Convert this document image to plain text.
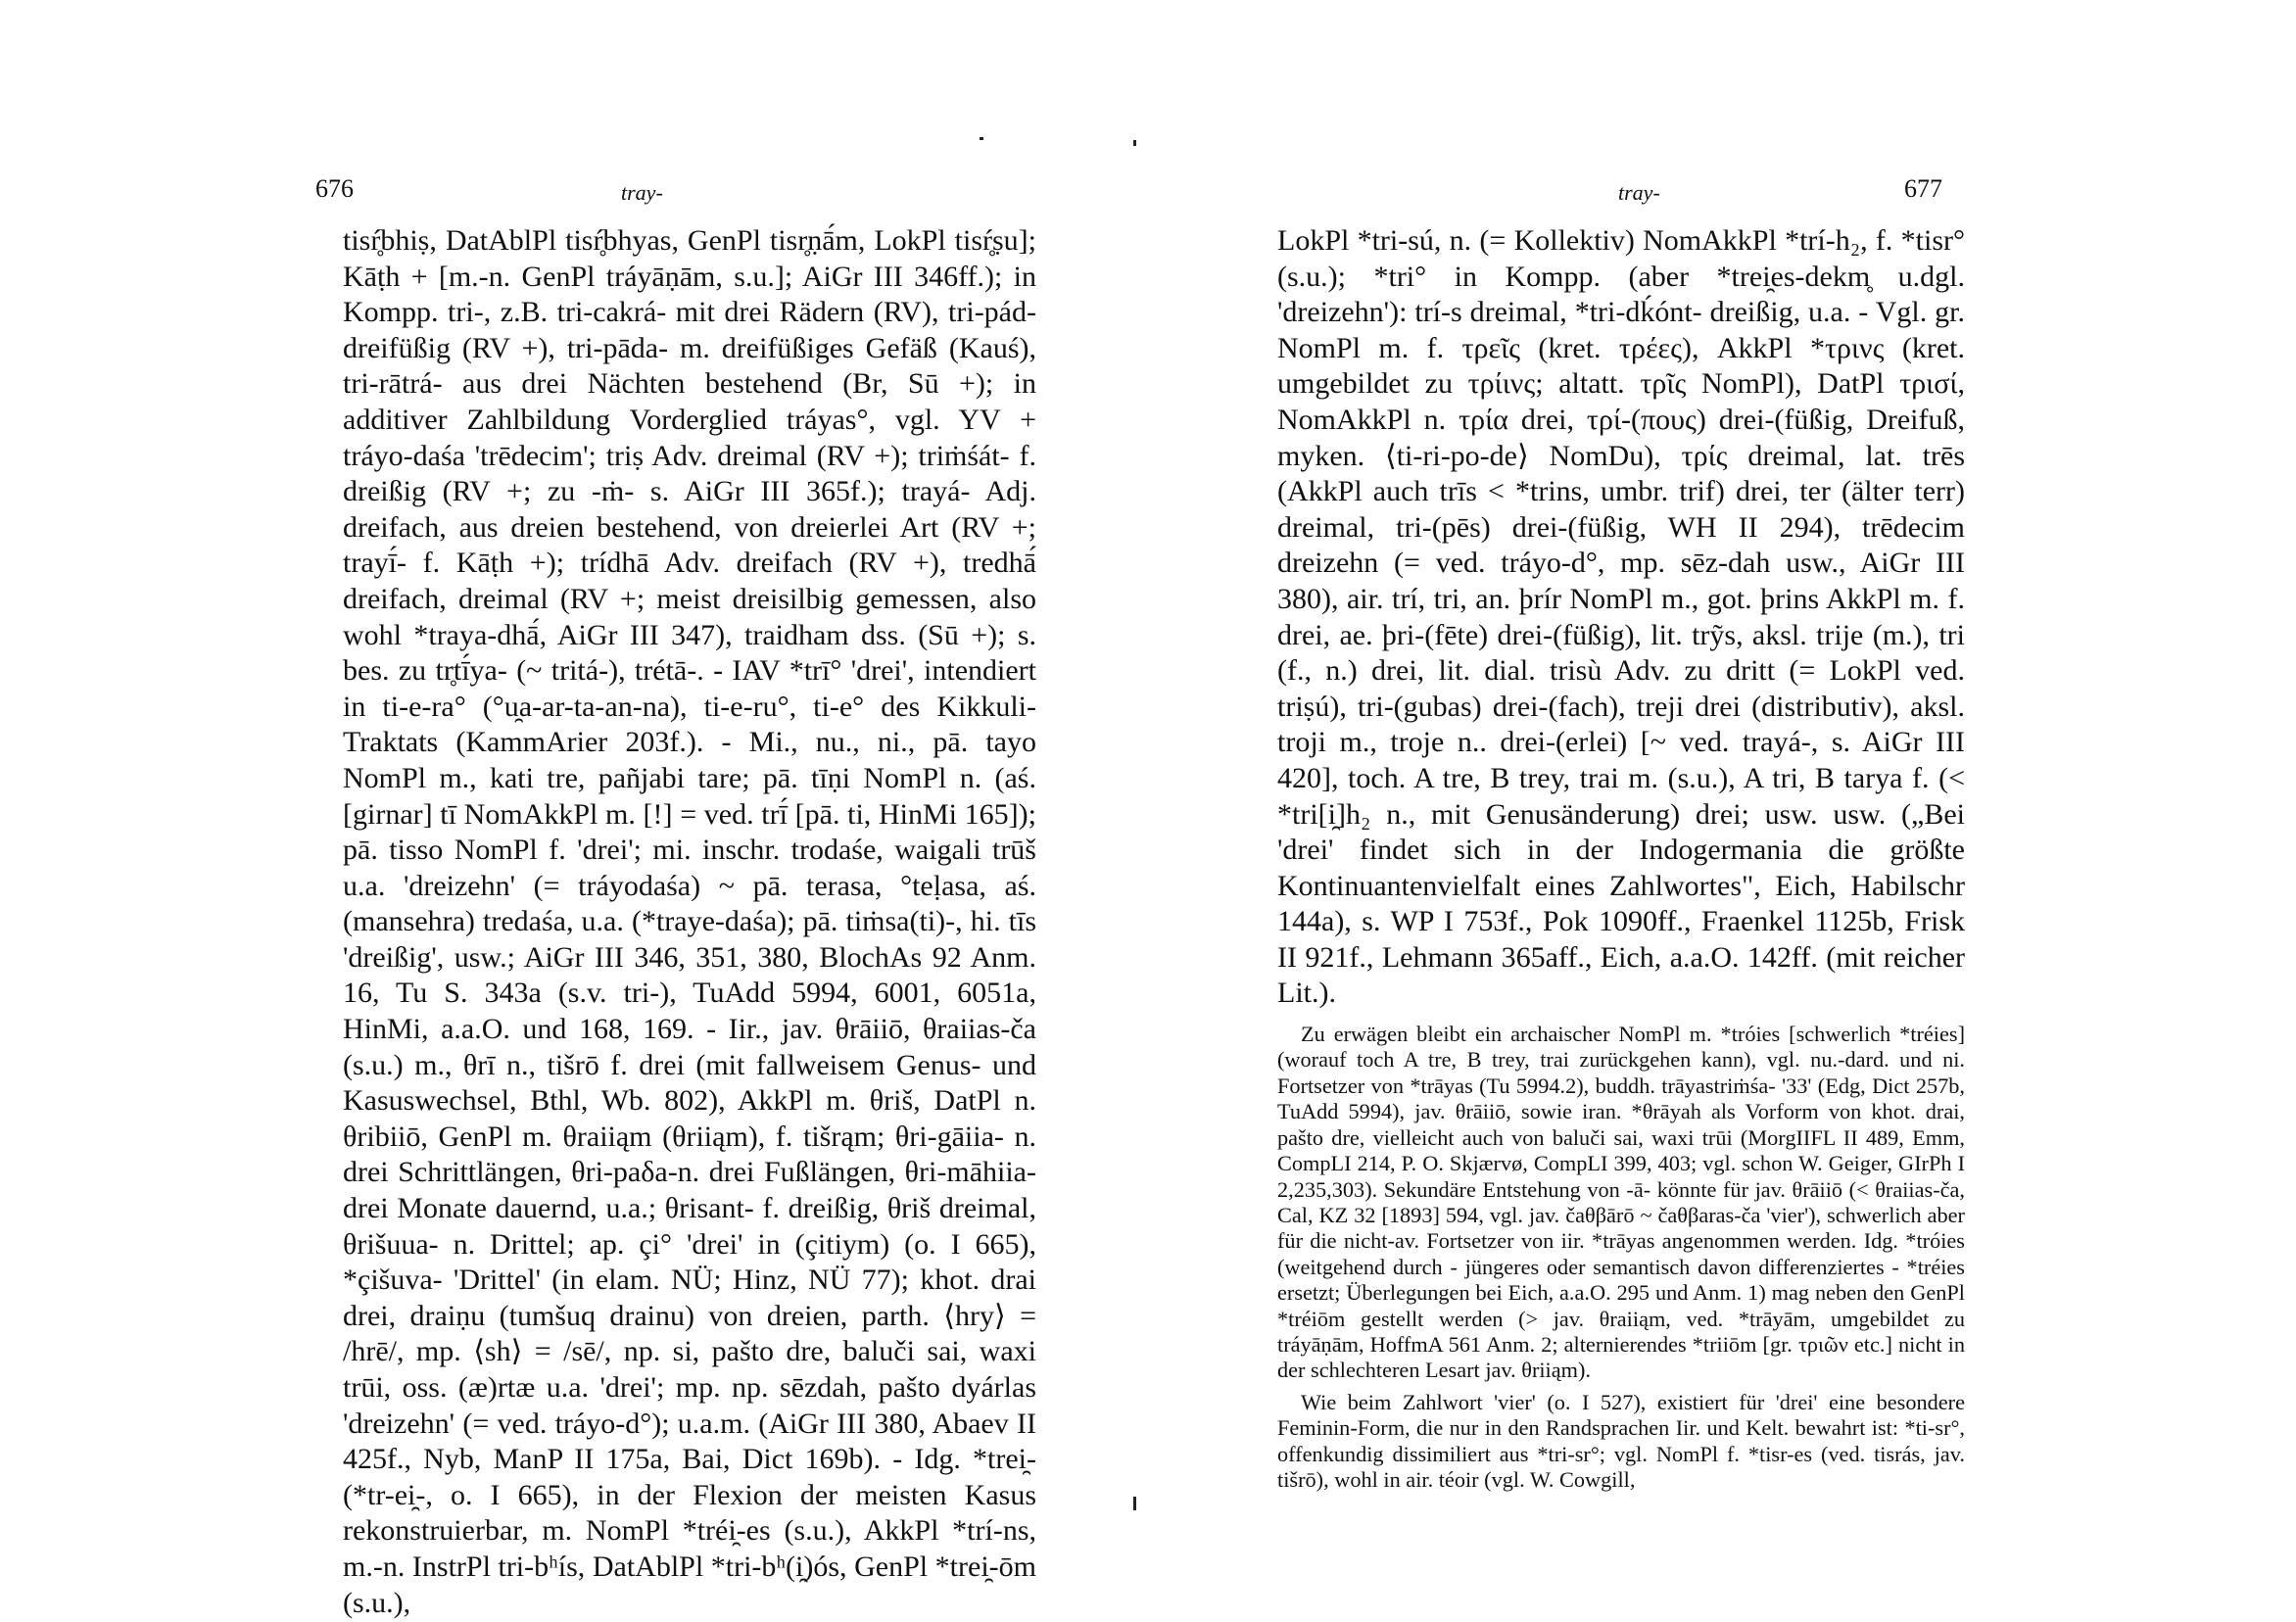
676	tray-

tisŕ̥bhiṣ, DatAblPl tisŕ̥bhyas, GenPl tisr̥ṇā́m, LokPl tisŕ̥ṣu]; Kāṭh + [m.-n. GenPl tráyāṇām, s.u.]; AiGr III 346ff.); in Kompp. tri-, z.B. tri-cakrá- mit drei Rädern (RV), tri-pád- dreifüßig (RV +), tri-pāda- m. dreifüßiges Gefäß (Kauś), tri-rātrá- aus drei Nächten bestehend (Br, Sū +); in additiver Zahlbildung Vorderglied tráyas°, vgl. YV + tráyo-daśa 'trēdecim'; triṣ Adv. dreimal (RV +); triṁśát- f. dreißig (RV +; zu -ṁ- s. AiGr III 365f.); trayá- Adj. dreifach, aus dreien bestehend, von dreierlei Art (RV +; trayī́- f. Kāṭh +); trídhā Adv. dreifach (RV +), tredhā́ dreifach, dreimal (RV +; meist dreisilbig gemessen, also wohl *traya-dhā́, AiGr III 347), traidham dss. (Sū +); s. bes. zu tr̥tī́ya- (~ tritá-), trétā-. - IAV *trī° 'drei', intendiert in ti-e-ra° (°u̯a-ar-ta-an-na), ti-e-ru°, ti-e° des Kikkuli-Traktats (KammArier 203f.). - Mi., nu., ni., pā. tayo NomPl m., kati tre, pañjabi tare; pā. tīṇi NomPl n. (aś. [girnar] tī NomAkkPl m. [!] = ved. trī́ [pā. ti, HinMi 165]); pā. tisso NomPl f. 'drei'; mi. inschr. trodaśe, waigali trūš u.a. 'dreizehn' (= tráyodaśa) ~ pā. terasa, °teḷasa, aś. (mansehra) tredaśa, u.a. (*traye-daśa); pā. tiṁsa(ti)-, hi. tīs 'dreißig', usw.; AiGr III 346, 351, 380, BlochAs 92 Anm. 16, Tu S. 343a (s.v. tri-), TuAdd 5994, 6001, 6051a, HinMi, a.a.O. und 168, 169. - Iir., jav. θrāiiō, θraiias-ča (s.u.) m., θrī n., tišrō f. drei (mit fallweisem Genus- und Kasuswechsel, Bthl, Wb. 802), AkkPl m. θriš, DatPl n. θribiiō, GenPl m. θraiiąm (θriiąm), f. tišrąm; θri-gāiia- n. drei Schrittlängen, θri-paδa-n. drei Fußlängen, θri-māhiia- drei Monate dauernd, u.a.; θrisant- f. dreißig, θriš dreimal, θrišuua- n. Drittel; ap. çi° 'drei' in (çitiym) (o. I 665), *çišuva- 'Drittel' (in elam. NÜ; Hinz, NÜ 77); khot. drai drei, draiṇu (tumšuq drainu) von dreien, parth. ⟨hry⟩ = /hrē/, mp. ⟨sh⟩ = /sē/, np. si, pašto dre, baluči sai, waxi trūi, oss. (æ)rtæ u.a. 'drei'; mp. np. sēzdah, pašto dyárlas 'dreizehn' (= ved. tráyo-d°); u.a.m. (AiGr III 380, Abaev II 425f., Nyb, ManP II 175a, Bai, Dict 169b). - Idg. *trei̯- (*tr-ei̯-, o. I 665), in der Flexion der meisten Kasus rekonstruierbar, m. NomPl *tréi̯-es (s.u.), AkkPl *trí-ns, m.-n. InstrPl tri-bʰís, DatAblPl *tri-bʰ(i̯)ós, GenPl *trei̯-ōm (s.u.),

tray-	677

LokPl *tri-sú, n. (= Kollektiv) NomAkkPl *trí-h₂, f. *tisr° (s.u.); *tri° in Kompp. (aber *trei̯es-dekm̥ u.dgl. 'dreizehn'): trí-s dreimal, *tri-dḱónt- dreißig, u.a. - Vgl. gr. NomPl m. f. τρεῖς (kret. τρέες), AkkPl *τρινς (kret. umgebildet zu τρίινς; altatt. τρῖς NomPl), DatPl τρισί, NomAkkPl n. τρία drei, τρί-(πους) drei-(füßig, Dreifuß, myken. ⟨ti-ri-po-de⟩ NomDu), τρίς dreimal, lat. trēs (AkkPl auch trīs < *trins, umbr. trif) drei, ter (älter terr) dreimal, tri-(pēs) drei-(füßig, WH II 294), trēdecim dreizehn (= ved. tráyo-d°, mp. sēz-dah usw., AiGr III 380), air. trí, tri, an. þrír NomPl m., got. þrins AkkPl m. f. drei, ae. þri-(fēte) drei-(füßig), lit. trỹs, aksl. trije (m.), tri (f., n.) drei, lit. dial. trisù Adv. zu dritt (= LokPl ved. triṣú), tri-(gubas) drei-(fach), treji drei (distributiv), aksl. troji m., troje n.. drei-(erlei) [~ ved. trayá-, s. AiGr III 420], toch. A tre, B trey, trai m. (s.u.), A tri, B tarya f. (< *tri[i̯]h₂ n., mit Genusänderung) drei; usw. usw. („Bei 'drei' findet sich in der Indogermania die größte Kontinuantenvielfalt eines Zahlwortes", Eich, Habilschr 144a), s. WP I 753f., Pok 1090ff., Fraenkel 1125b, Frisk II 921f., Lehmann 365aff., Eich, a.a.O. 142ff. (mit reicher Lit.).

Zu erwägen bleibt ein archaischer NomPl m. *tróies [schwerlich *tréies] (worauf toch A tre, B trey, trai zurückgehen kann), vgl. nu.-dard. und ni. Fortsetzer von *trāyas (Tu 5994.2), buddh. trāyastriṁśa- '33' (Edg, Dict 257b, TuAdd 5994), jav. θrāiiō, sowie iran. *θrāyah als Vorform von khot. drai, pašto dre, vielleicht auch von baluči sai, waxi trūi (MorgIIFL II 489, Emm, CompLI 214, P. O. Skjærvø, CompLI 399, 403; vgl. schon W. Geiger, GIrPh I 2,235,303). Sekundäre Entstehung von -ā- könnte für jav. θrāiiō (< θraiias-ča, Cal, KZ 32 [1893] 594, vgl. jav. čaθβārō ~ čaθβaras-ča 'vier'), schwerlich aber für die nicht-av. Fortsetzer von iir. *trāyas angenommen werden. Idg. *tróies (weitgehend durch - jüngeres oder semantisch davon differenziertes - *tréies ersetzt; Überlegungen bei Eich, a.a.O. 295 und Anm. 1) mag neben den GenPl *tréiōm gestellt werden (> jav. θraiiąm, ved. *trāyām, umgebildet zu tráyāṇām, HoffmA 561 Anm. 2; alternierendes *triiōm [gr. τριῶν etc.] nicht in der schlechteren Lesart jav. θriiąm).

Wie beim Zahlwort 'vier' (o. I 527), existiert für 'drei' eine besondere Feminin-Form, die nur in den Randsprachen Iir. und Kelt. bewahrt ist: *ti-sr°, offenkundig dissimiliert aus *tri-sr°; vgl. NomPl f. *tisr-es (ved. tisrás, jav. tišrō), wohl in air. téoir (vgl. W. Cowgill,
